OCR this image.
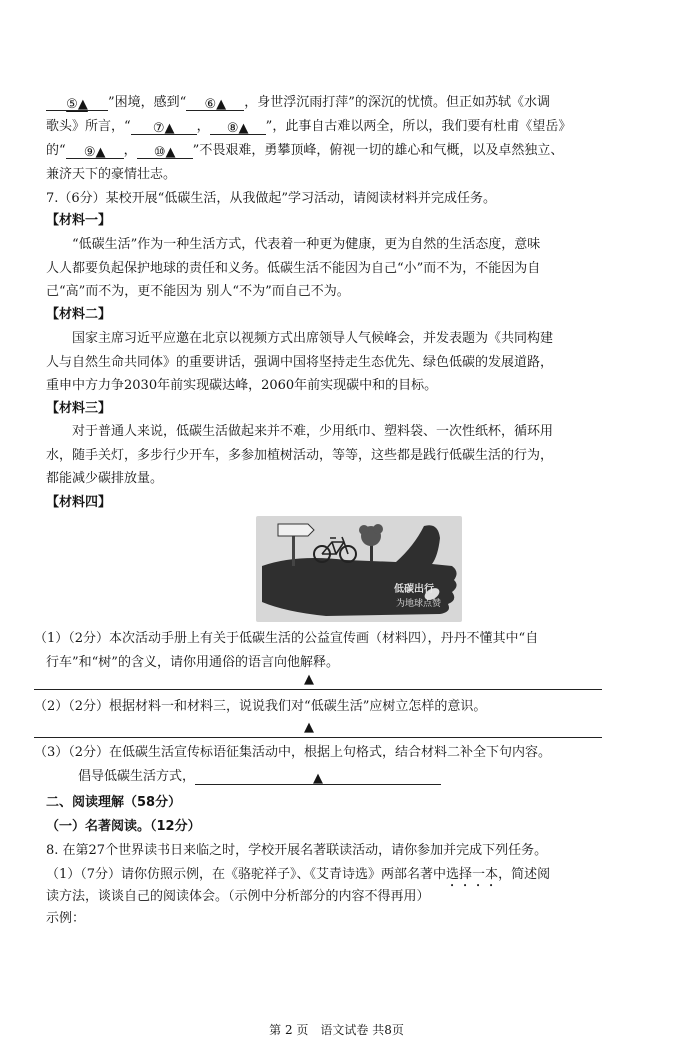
⑤▲ ”困境，感到“ ⑥▲ ，身世浮沉雨打萍”的深沉的忧愤。但正如苏轼《水调
歌头》所言，“ ⑦▲ ， ⑧▲ ”，此事自古难以两全，所以，我们要有杜甫《望岳》
的“ ⑨▲ ， ⑩▲ ”不畏艰难，勇攀顶峰，俯视一切的雄心和气概，以及卓然独立、
兼济天下的豪情壮志。
7.（6分）某校开展“低碳生活，从我做起”学习活动，请阅读材料并完成任务。
【材料一】
“低碳生活”作为一种生活方式，代表着一种更为健康，更为自然的生活态度，意味
人人都要负起保护地球的责任和义务。低碳生活不能因为自己“小”而不为，不能因为自
己“高”而不为，更不能因为 别人“不为”而自己不为。
【材料二】
国家主席习近平应邀在北京以视频方式出席领导人气候峰会，并发表题为《共同构建
人与自然生命共同体》的重要讲话，强调中国将坚持走生态优先、绿色低碳的发展道路，
重申中方力争2030年前实现碳达峰，2060年前实现碳中和的目标。
【材料三】
对于普通人来说，低碳生活做起来并不难，少用纸巾、塑料袋、一次性纸杯，循环用
水，随手关灯，多步行少开车，多参加植树活动，等等，这些都是践行低碳生活的行为，
都能减少碳排放量。
【材料四】
低碳出行
为地球点赞
（1）（2分）本次活动手册上有关于低碳生活的公益宣传画（材料四），丹丹不懂其中“自
行车”和“树”的含义，请你用通俗的语言向他解释。
▲
（2）（2分）根据材料一和材料三，说说我们对“低碳生活”应树立怎样的意识。
▲
（3）（2分）在低碳生活宣传标语征集活动中，根据上句格式，结合材料二补全下句内容。
倡导低碳生活方式，	▲
二、阅读理解（58分）
（一）名著阅读。（12分）
8. 在第27个世界读书日来临之时，学校开展名著联读活动，请你参加并完成下列任务。
（1）（7分）请你仿照示例，在《骆驼祥子》、《艾青诗选》两部名著中选择一本，简述阅
读方法，谈谈自己的阅读体会。（示例中分析部分的内容不得再用）
示例：
第 2 页 语文试卷 共8页
